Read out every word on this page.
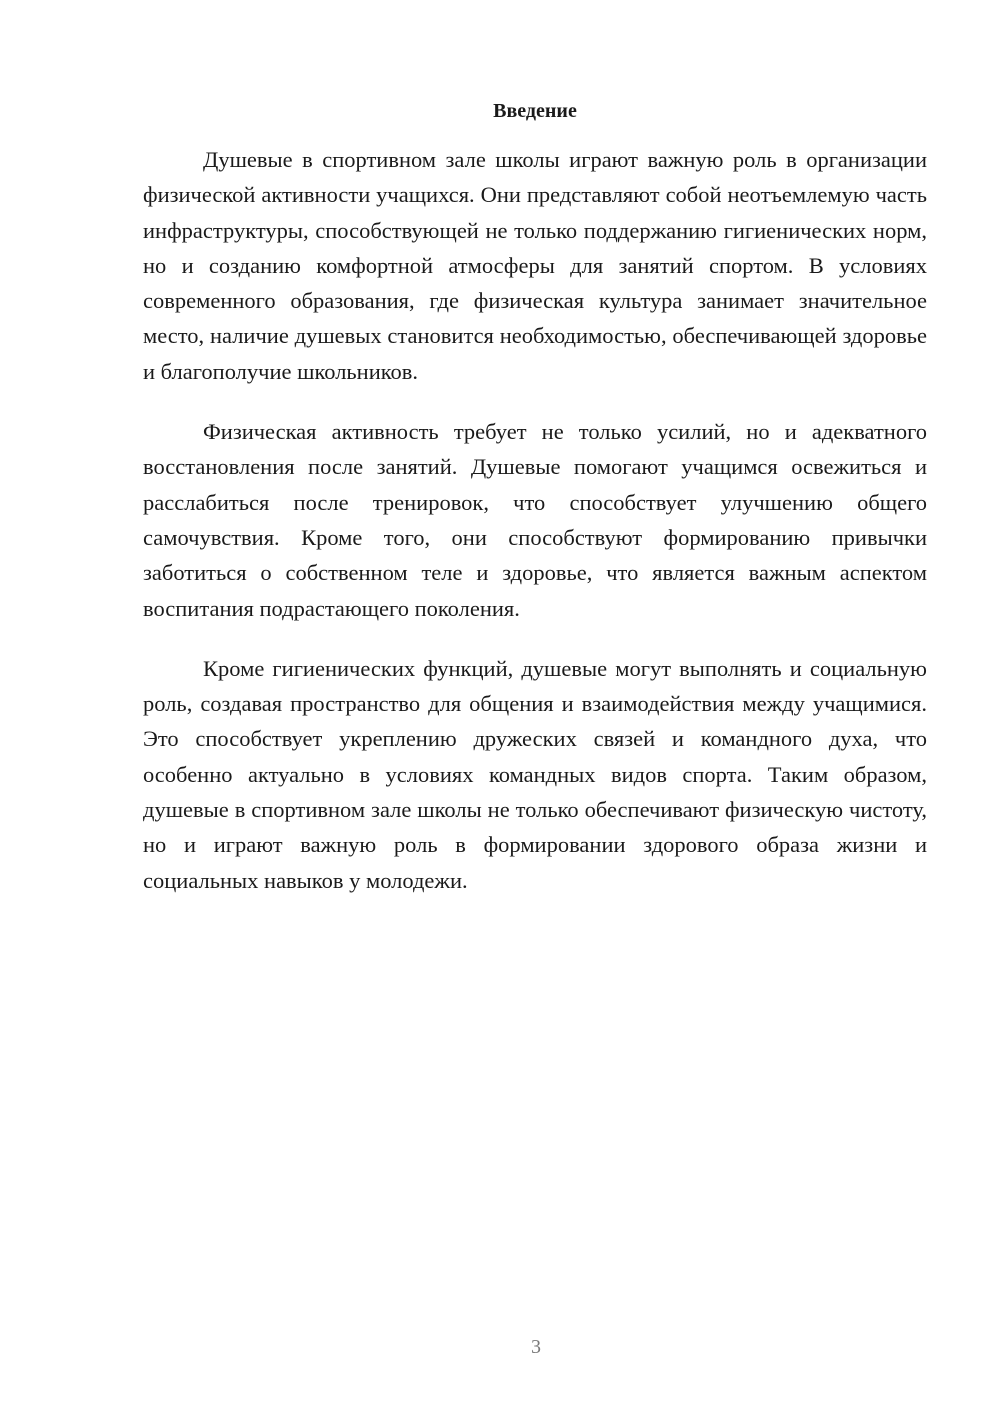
Введение

Душевые в спортивном зале школы играют важную роль в организации физической активности учащихся. Они представляют собой неотъемлемую часть инфраструктуры, способствующей не только поддержанию гигиенических норм, но и созданию комфортной атмосферы для занятий спортом. В условиях современного образования, где физическая культура занимает значительное место, наличие душевых становится необходимостью, обеспечивающей здоровье и благополучие школьников.

Физическая активность требует не только усилий, но и адекватного восстановления после занятий. Душевые помогают учащимся освежиться и расслабиться после тренировок, что способствует улучшению общего самочувствия. Кроме того, они способствуют формированию привычки заботиться о собственном теле и здоровье, что является важным аспектом воспитания подрастающего поколения.

Кроме гигиенических функций, душевые могут выполнять и социальную роль, создавая пространство для общения и взаимодействия между учащимися. Это способствует укреплению дружеских связей и командного духа, что особенно актуально в условиях командных видов спорта. Таким образом, душевые в спортивном зале школы не только обеспечивают физическую чистоту, но и играют важную роль в формировании здорового образа жизни и социальных навыков у молодежи.

3
